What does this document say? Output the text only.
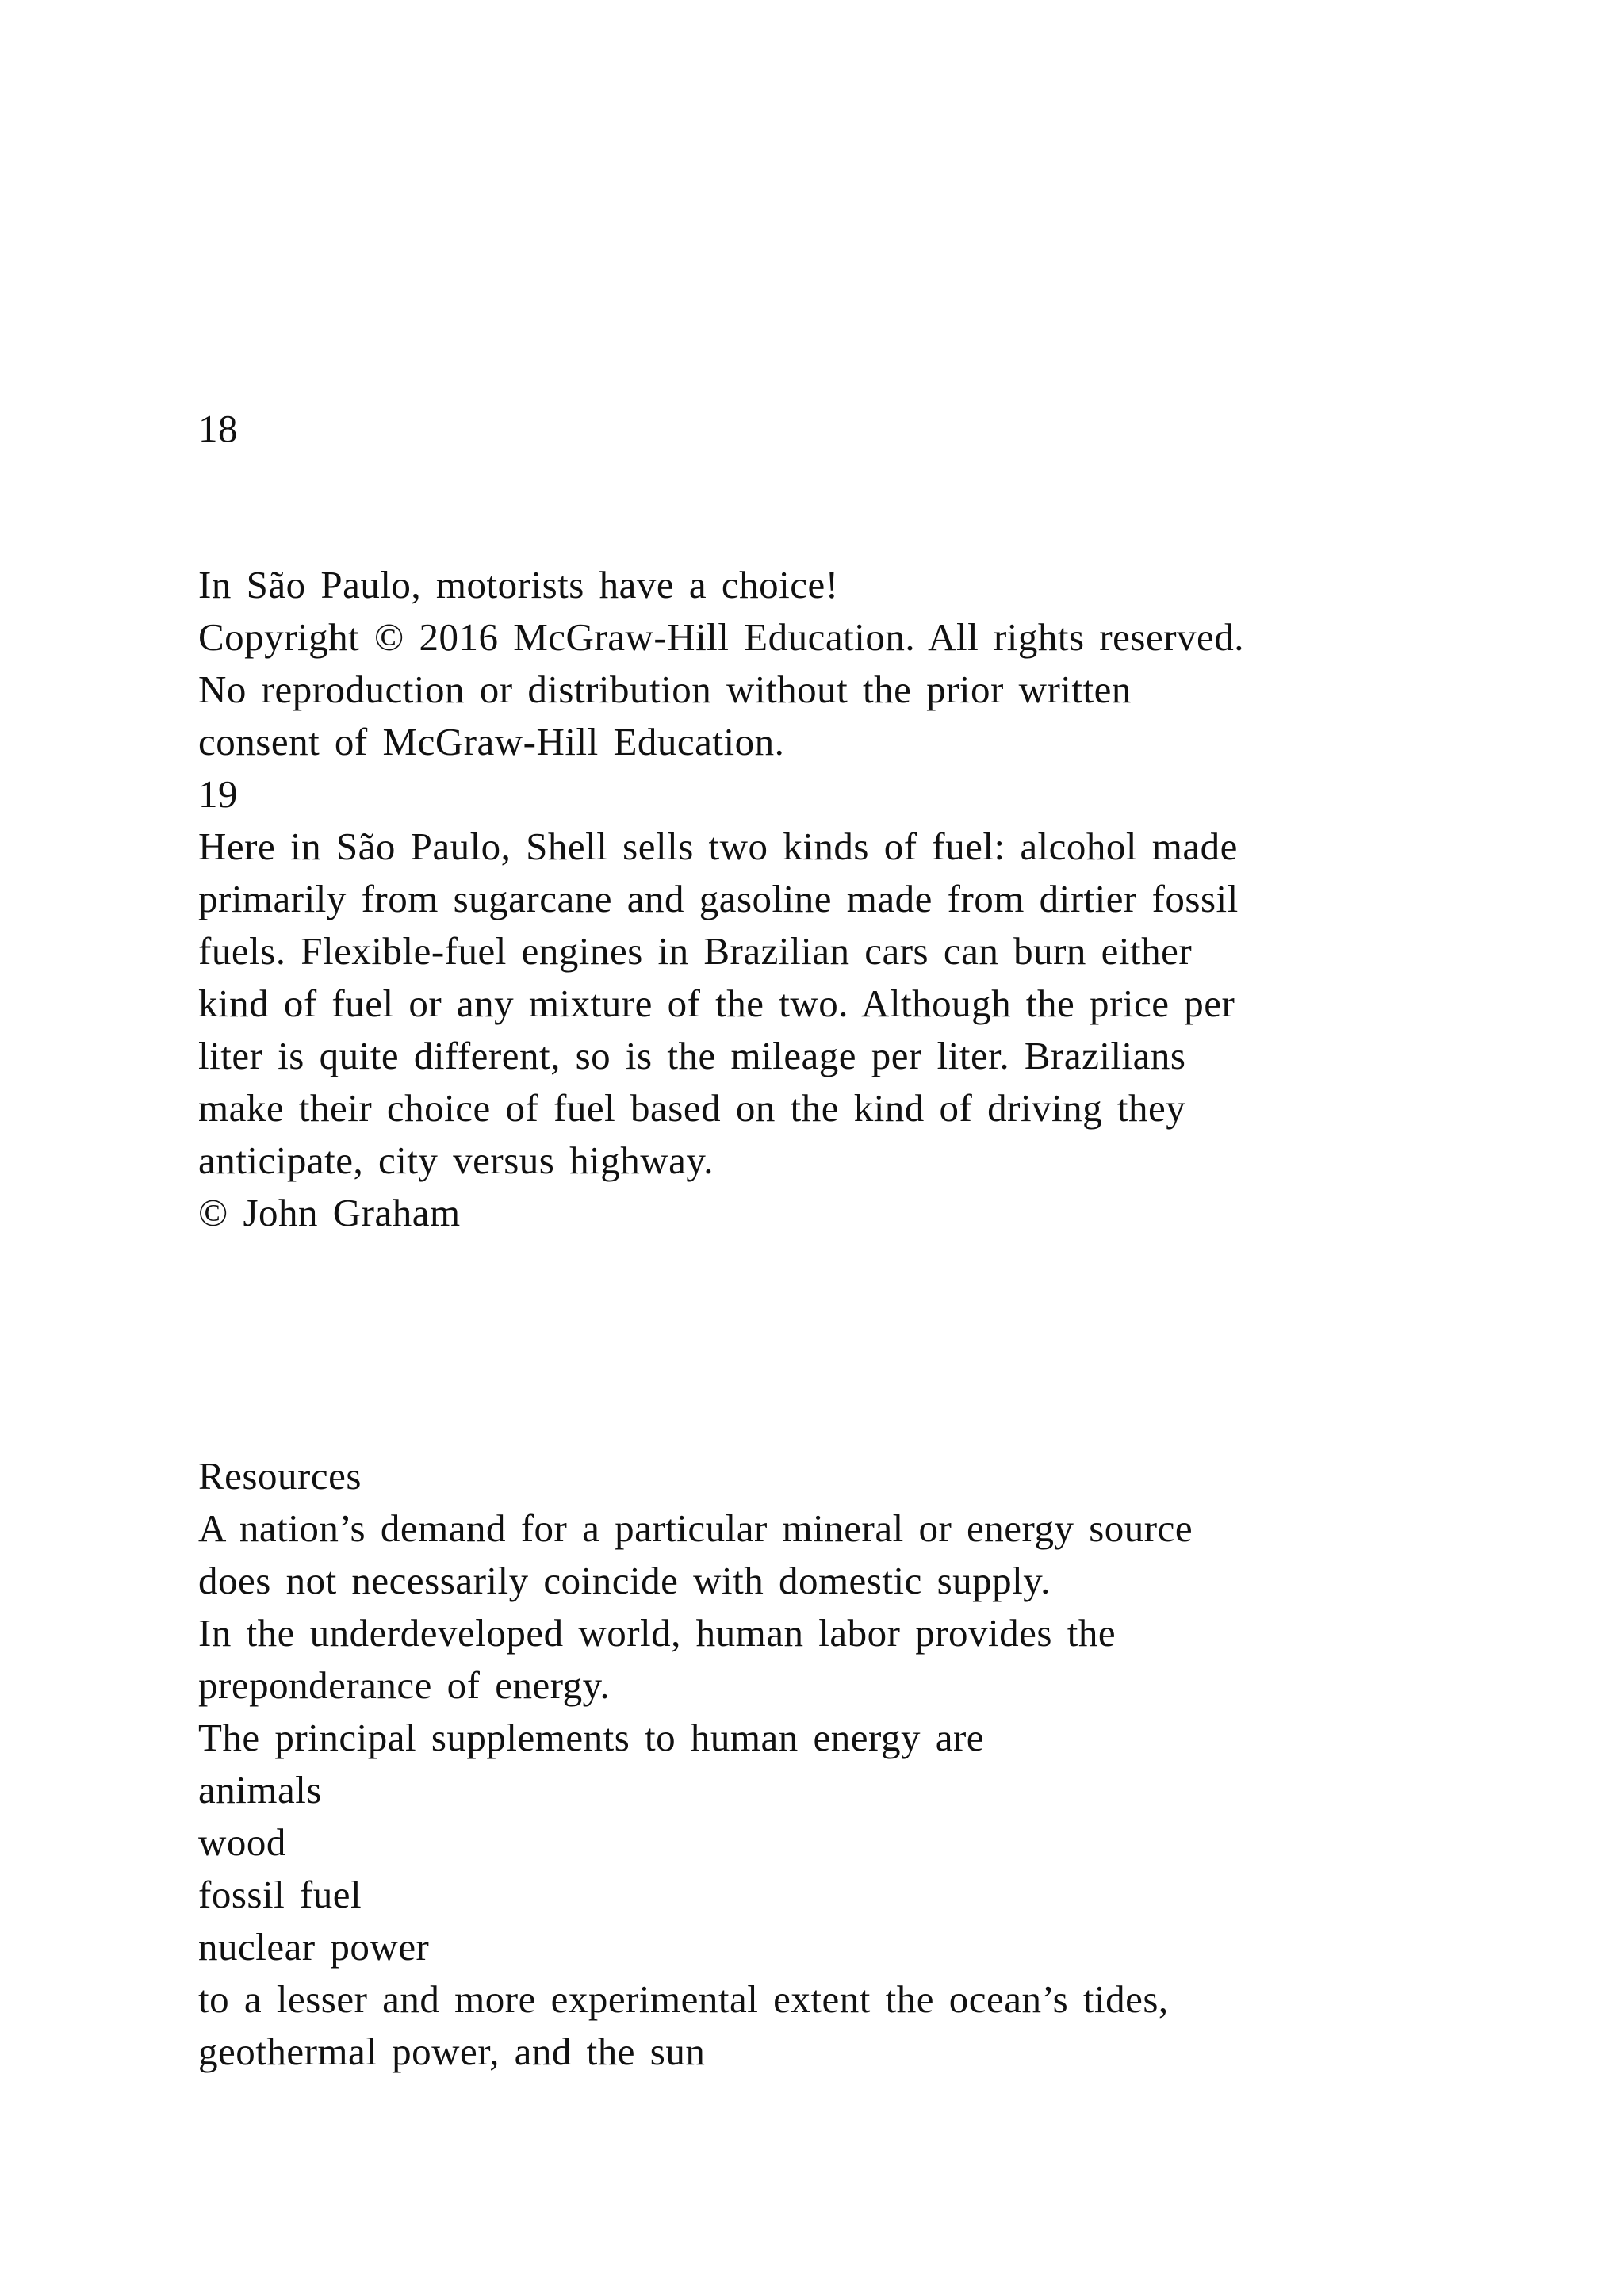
18
In São Paulo, motorists have a choice!
Copyright © 2016 McGraw-Hill Education. All rights reserved.
No reproduction or distribution without the prior written
consent of McGraw-Hill Education.
19
Here in São Paulo, Shell sells two kinds of fuel: alcohol made
primarily from sugarcane and gasoline made from dirtier fossil
fuels. Flexible-fuel engines in Brazilian cars can burn either
kind of fuel or any mixture of the two. Although the price per
liter is quite different, so is the mileage per liter. Brazilians
make their choice of fuel based on the kind of driving they
anticipate, city versus highway.
© John Graham
Resources
A nation’s demand for a particular mineral or energy source
does not necessarily coincide with domestic supply.
In the underdeveloped world, human labor provides the
preponderance of energy.
The principal supplements to human energy are
animals
wood
fossil fuel
nuclear power
to a lesser and more experimental extent the ocean’s tides,
geothermal power, and the sun
